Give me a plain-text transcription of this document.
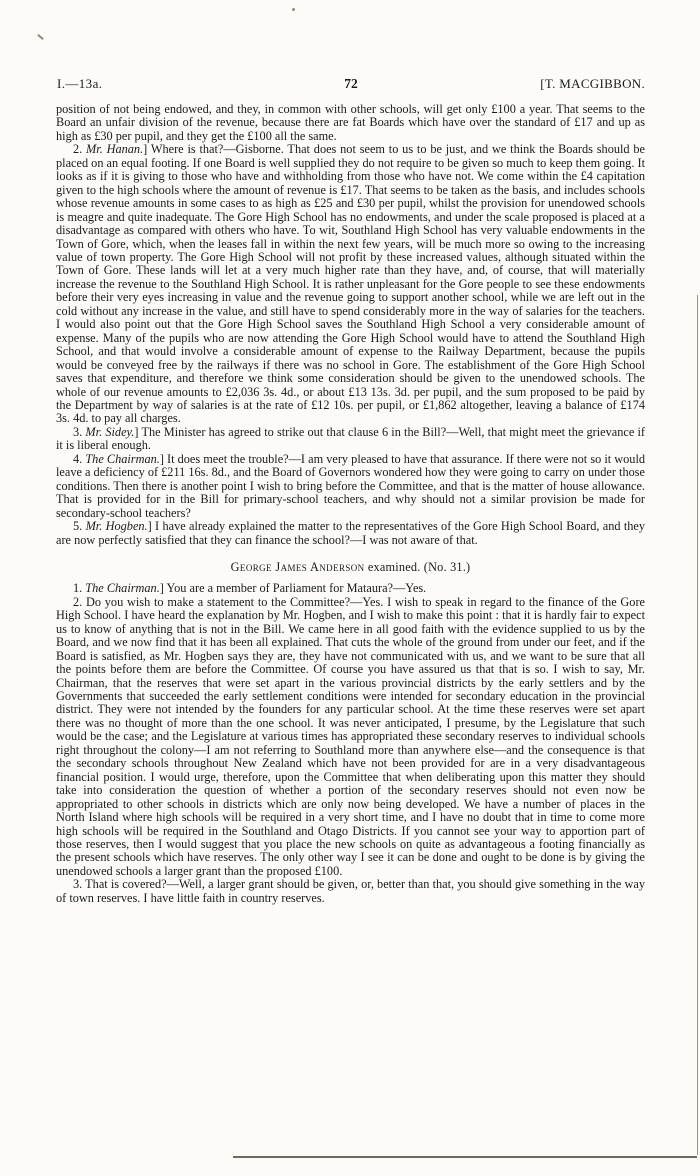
I.—13a.	72	[T. MACGIBBON.

position of not being endowed, and they, in common with other schools, will get only £100 a year. That seems to the Board an unfair division of the revenue, because there are fat Boards which have over the standard of £17 and up as high as £30 per pupil, and they get the £100 all the same.

2. Mr. Hanan.] Where is that?—Gisborne. That does not seem to us to be just, and we think the Boards should be placed on an equal footing. If one Board is well supplied they do not require to be given so much to keep them going. It looks as if it is giving to those who have and withholding from those who have not. We come within the £4 capitation given to the high schools where the amount of revenue is £17. That seems to be taken as the basis, and includes schools whose revenue amounts in some cases to as high as £25 and £30 per pupil, whilst the provision for unendowed schools is meagre and quite inadequate. The Gore High School has no endowments, and under the scale proposed is placed at a disadvantage as compared with others who have. To wit, Southland High School has very valuable endowments in the Town of Gore, which, when the leases fall in within the next few years, will be much more so owing to the increasing value of town property. The Gore High School will not profit by these increased values, although situated within the Town of Gore. These lands will let at a very much higher rate than they have, and, of course, that will materially increase the revenue to the Southland High School. It is rather unpleasant for the Gore people to see these endowments before their very eyes increasing in value and the revenue going to support another school, while we are left out in the cold without any increase in the value, and still have to spend considerably more in the way of salaries for the teachers. I would also point out that the Gore High School saves the Southland High School a very considerable amount of expense. Many of the pupils who are now attending the Gore High School would have to attend the Southland High School, and that would involve a considerable amount of expense to the Railway Department, because the pupils would be conveyed free by the railways if there was no school in Gore. The establishment of the Gore High School saves that expenditure, and therefore we think some consideration should be given to the unendowed schools. The whole of our revenue amounts to £2,036 3s. 4d., or about £13 13s. 3d. per pupil, and the sum proposed to be paid by the Department by way of salaries is at the rate of £12 10s. per pupil, or £1,862 altogether, leaving a balance of £174 3s. 4d. to pay all charges.

3. Mr. Sidey.] The Minister has agreed to strike out that clause 6 in the Bill?—Well, that might meet the grievance if it is liberal enough.

4. The Chairman.] It does meet the trouble?—I am very pleased to have that assurance. If there were not so it would leave a deficiency of £211 16s. 8d., and the Board of Governors wondered how they were going to carry on under those conditions. Then there is another point I wish to bring before the Committee, and that is the matter of house allowance. That is provided for in the Bill for primary-school teachers, and why should not a similar provision be made for secondary-school teachers?

5. Mr. Hogben.] I have already explained the matter to the representatives of the Gore High School Board, and they are now perfectly satisfied that they can finance the school?—I was not aware of that.

George James Anderson examined. (No. 31.)

1. The Chairman.] You are a member of Parliament for Mataura?—Yes.

2. Do you wish to make a statement to the Committee?—Yes. I wish to speak in regard to the finance of the Gore High School. I have heard the explanation by Mr. Hogben, and I wish to make this point : that it is hardly fair to expect us to know of anything that is not in the Bill. We came here in all good faith with the evidence supplied to us by the Board, and we now find that it has been all explained. That cuts the whole of the ground from under our feet, and if the Board is satisfied, as Mr. Hogben says they are, they have not communicated with us, and we want to be sure that all the points before them are before the Committee. Of course you have assured us that that is so. I wish to say, Mr. Chairman, that the reserves that were set apart in the various provincial districts by the early settlers and by the Governments that succeeded the early settlement conditions were intended for secondary education in the provincial district. They were not intended by the founders for any particular school. At the time these reserves were set apart there was no thought of more than the one school. It was never anticipated, I presume, by the Legislature that such would be the case; and the Legislature at various times has appropriated these secondary reserves to individual schools right throughout the colony—I am not referring to Southland more than anywhere else—and the consequence is that the secondary schools throughout New Zealand which have not been provided for are in a very disadvantageous financial position. I would urge, therefore, upon the Committee that when deliberating upon this matter they should take into consideration the question of whether a portion of the secondary reserves should not even now be appropriated to other schools in districts which are only now being developed. We have a number of places in the North Island where high schools will be required in a very short time, and I have no doubt that in time to come more high schools will be required in the Southland and Otago Districts. If you cannot see your way to apportion part of those reserves, then I would suggest that you place the new schools on quite as advantageous a footing financially as the present schools which have reserves. The only other way I see it can be done and ought to be done is by giving the unendowed schools a larger grant than the proposed £100.

3. That is covered?—Well, a larger grant should be given, or, better than that, you should give something in the way of town reserves. I have little faith in country reserves.
